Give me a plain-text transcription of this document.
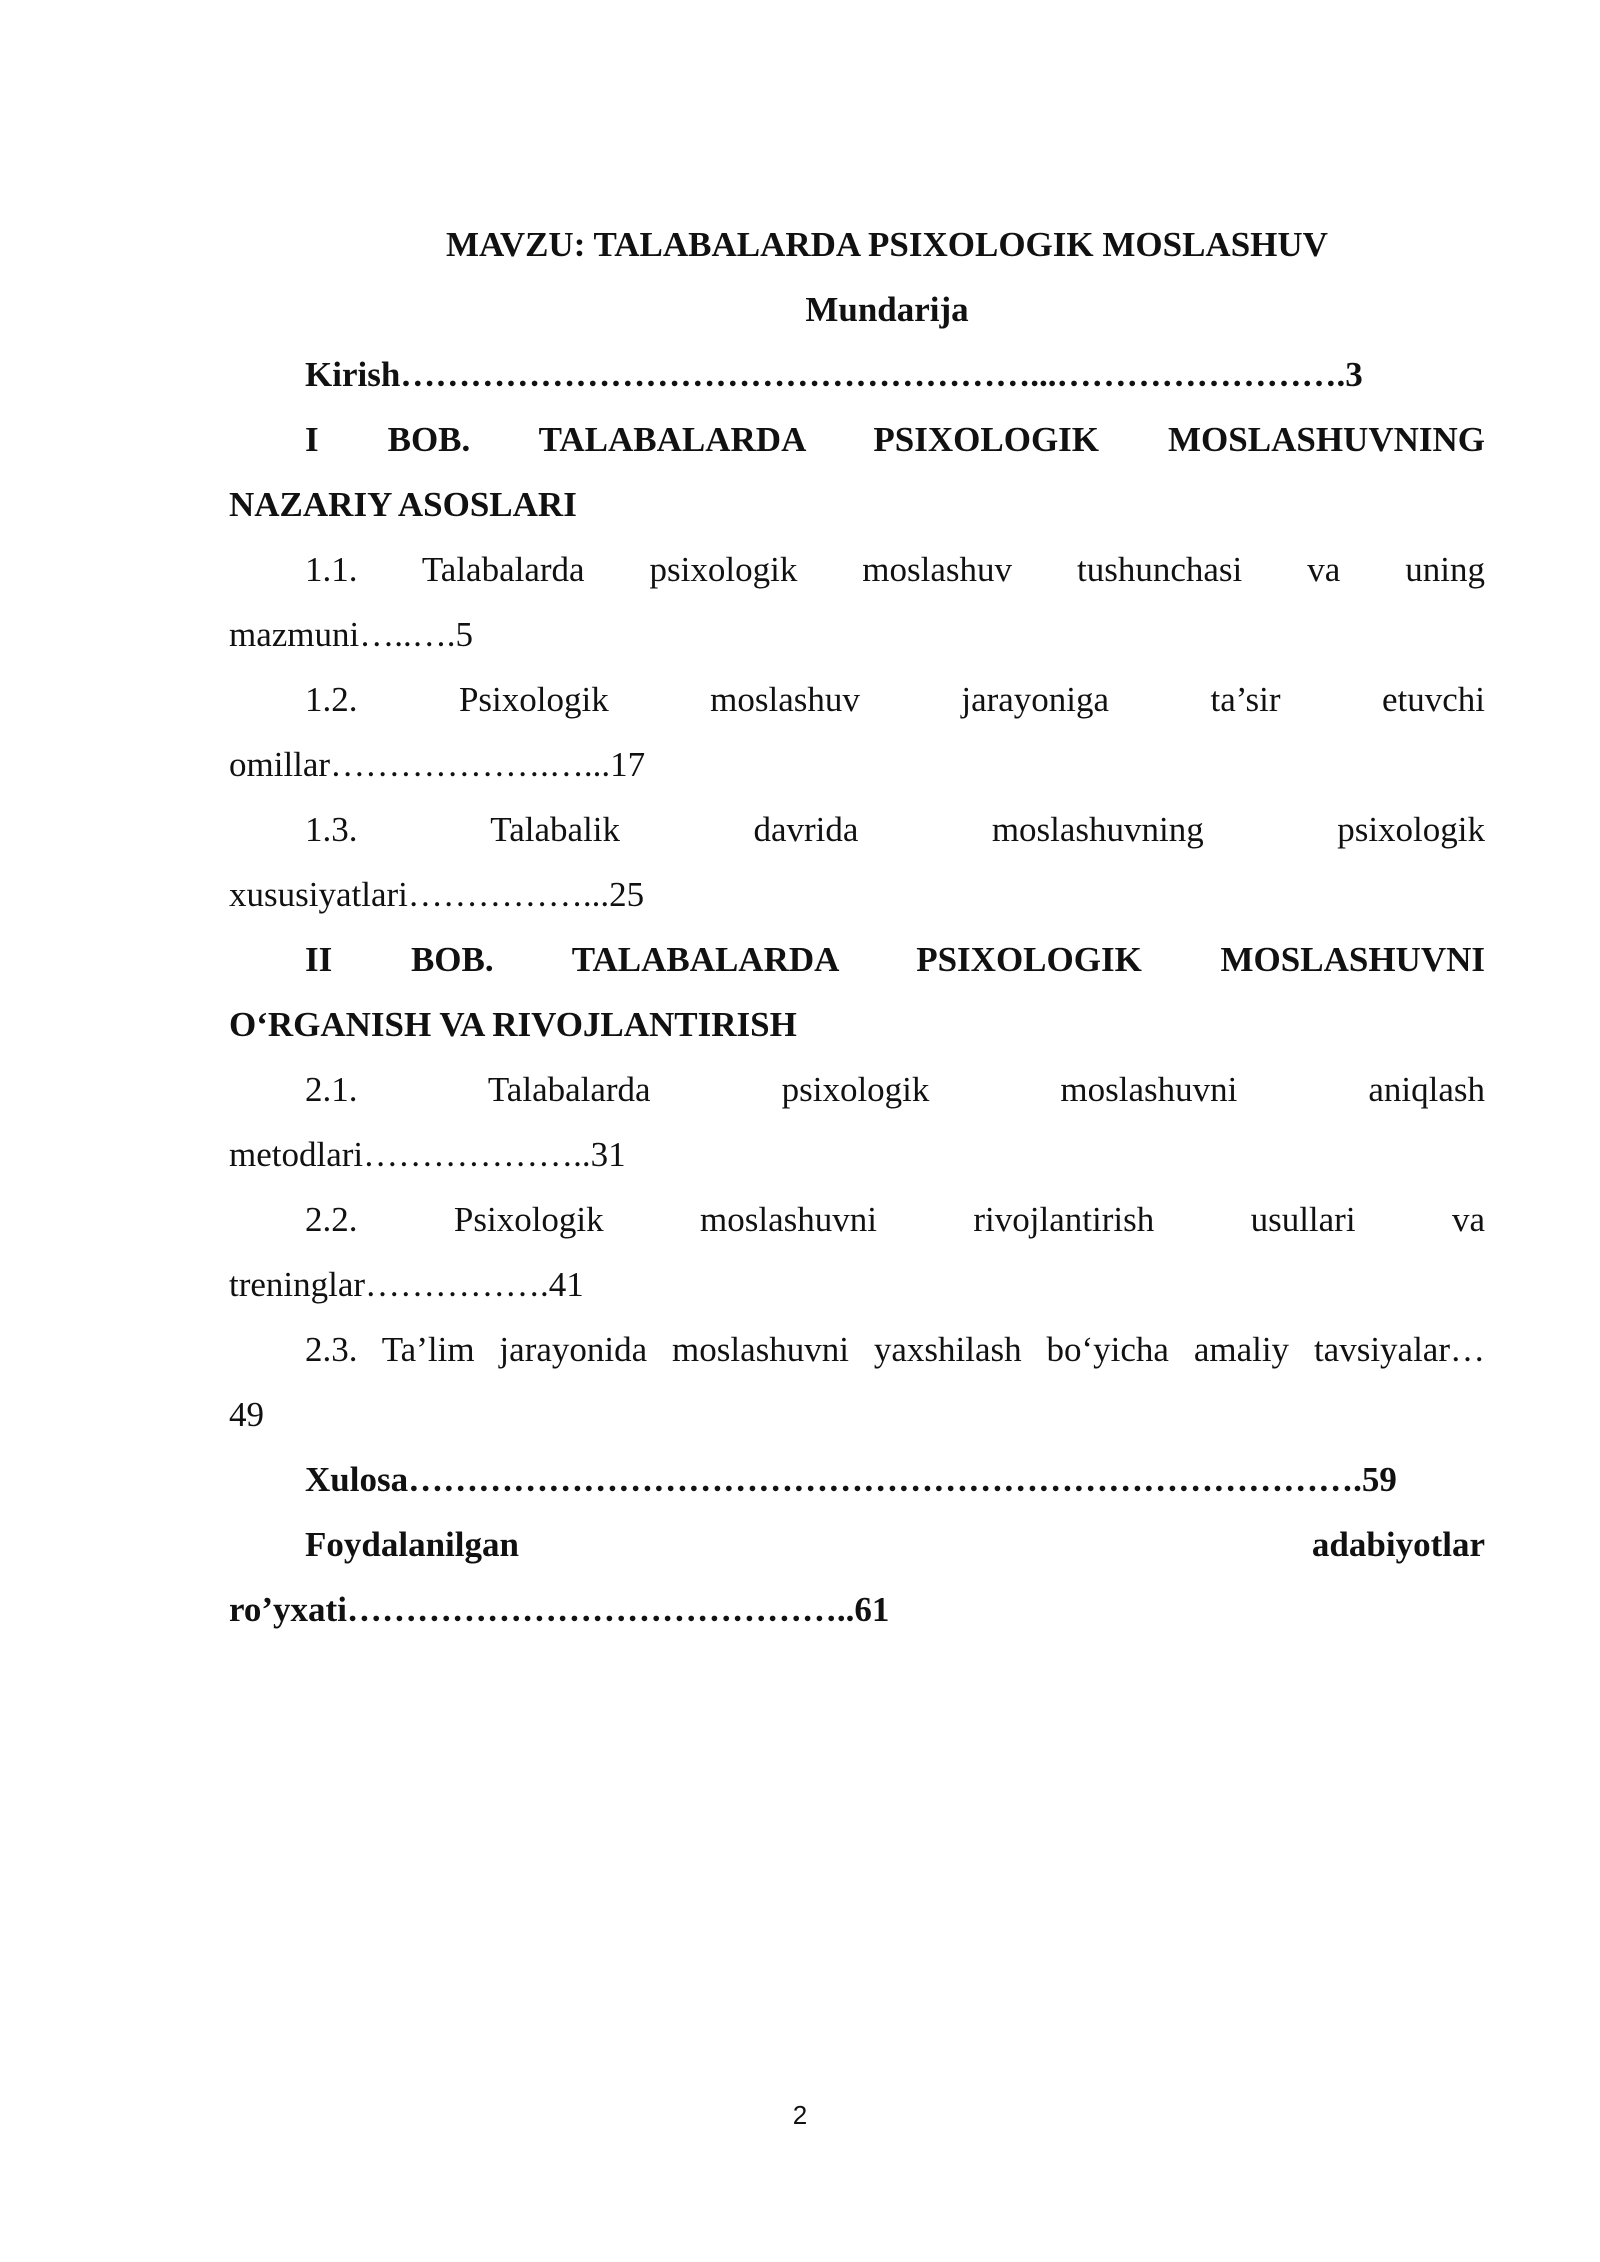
MAVZU: TALABALARDA PSIXOLOGIK MOSLASHUV
Mundarija
Kirish………………………………………………...…………………….3
I BOB. TALABALARDA PSIXOLOGIK MOSLASHUVNING
NAZARIY ASOSLARI
1.1. Talabalarda psixologik moslashuv tushunchasi va uning
mazmuni…..….5
1.2. Psixologik moslashuv jarayoniga ta’sir etuvchi
omillar……………….…...17
1.3. Talabalik davrida moslashuvning psixologik
xususiyatlari……………...25
II BOB. TALABALARDA PSIXOLOGIK MOSLASHUVNI
O‘RGANISH VA RIVOJLANTIRISH
2.1. Talabalarda psixologik moslashuvni aniqlash
metodlari………………..31
2.2. Psixologik moslashuvni rivojlantirish usullari va
treninglar…………….41
2.3. Ta’lim jarayonida moslashuvni yaxshilash bo‘yicha amaliy tavsiyalar…
49
Xulosa……………………………………………………………………….59
Foydalanilgan adabiyotlar
ro’yxati……………………………………..61
2
